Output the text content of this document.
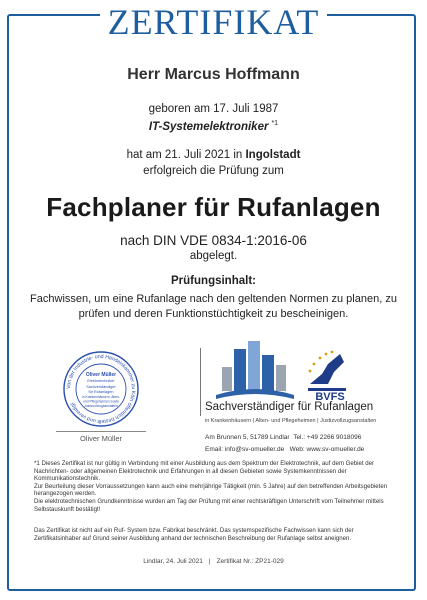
ZERTIFIKAT
Herr Marcus Hoffmann
geboren am 17. Juli 1987
IT-Systemelektroniker $^{*1}$
hat am 21. Juli 2021 in Ingolstadt
erfolgreich die Prüfung zum
Fachplaner für Rufanlagen
nach DIN VDE 0834-1:2016-06
abgelegt.
Prüfungsinhalt:
Fachwissen, um eine Rufanlage nach den geltenden Normen zu planen, zu prüfen und deren Funktionstüchtigkeit zu bescheinigen.
Von der Industrie- und Handelskammer zu Köln öffentlich bestellt und vereidigt
Oliver Müller
Elektrotechniker
Sachverständiger
für Rufanlagen
in Krankenhäusern, Alten-
und Pflegeheimen sowie
Justizvollzugsanstalten
Oliver Müller
BVFS
Sachverständiger für Rufanlagen
in Krankenhäusern | Alten- und Pflegeheimen | Justizvollzugsanstalten
Am Brunnen 5, 51789 Lindlar Tel.: +49 2266 9018096
Email: info@sv-omueller.de Web: www.sv-omueller.de
*1 Dieses Zertifikat ist nur gültig in Verbindung mit einer Ausbildung aus dem Spektrum der Elektrotechnik, auf dem Gebiet der Nachrichten- oder allgemeinen Elektrotechnik und Erfahrungen in all diesen Gebieten sowie Systemkenntnissen der Kommunikationstechnik.
Zur Beurteilung dieser Vorraussetzungen kann auch eine mehrjährige Tätigkeit (min. 5 Jahre) auf den betreffenden Arbeitsgebieten herangezogen werden.
Die elektrotechnischen Grundkenntnisse wurden am Tag der Prüfung mit einer rechtskräftigen Unterschrift vom Teilnehmer mittels Selbstauskunft bestätigt!
Das Zertifikat ist nicht auf ein Ruf- System bzw. Fabrikat beschränkt. Das systemspezifische Fachwissen kann sich der Zertifikatsinhaber auf Grund seiner Ausbildung anhand der technischen Beschreibung der Rufanlage selbst aneignen.
Lindlar, 24. Juli 2021 | Zertifikat Nr.: ZP21-029
